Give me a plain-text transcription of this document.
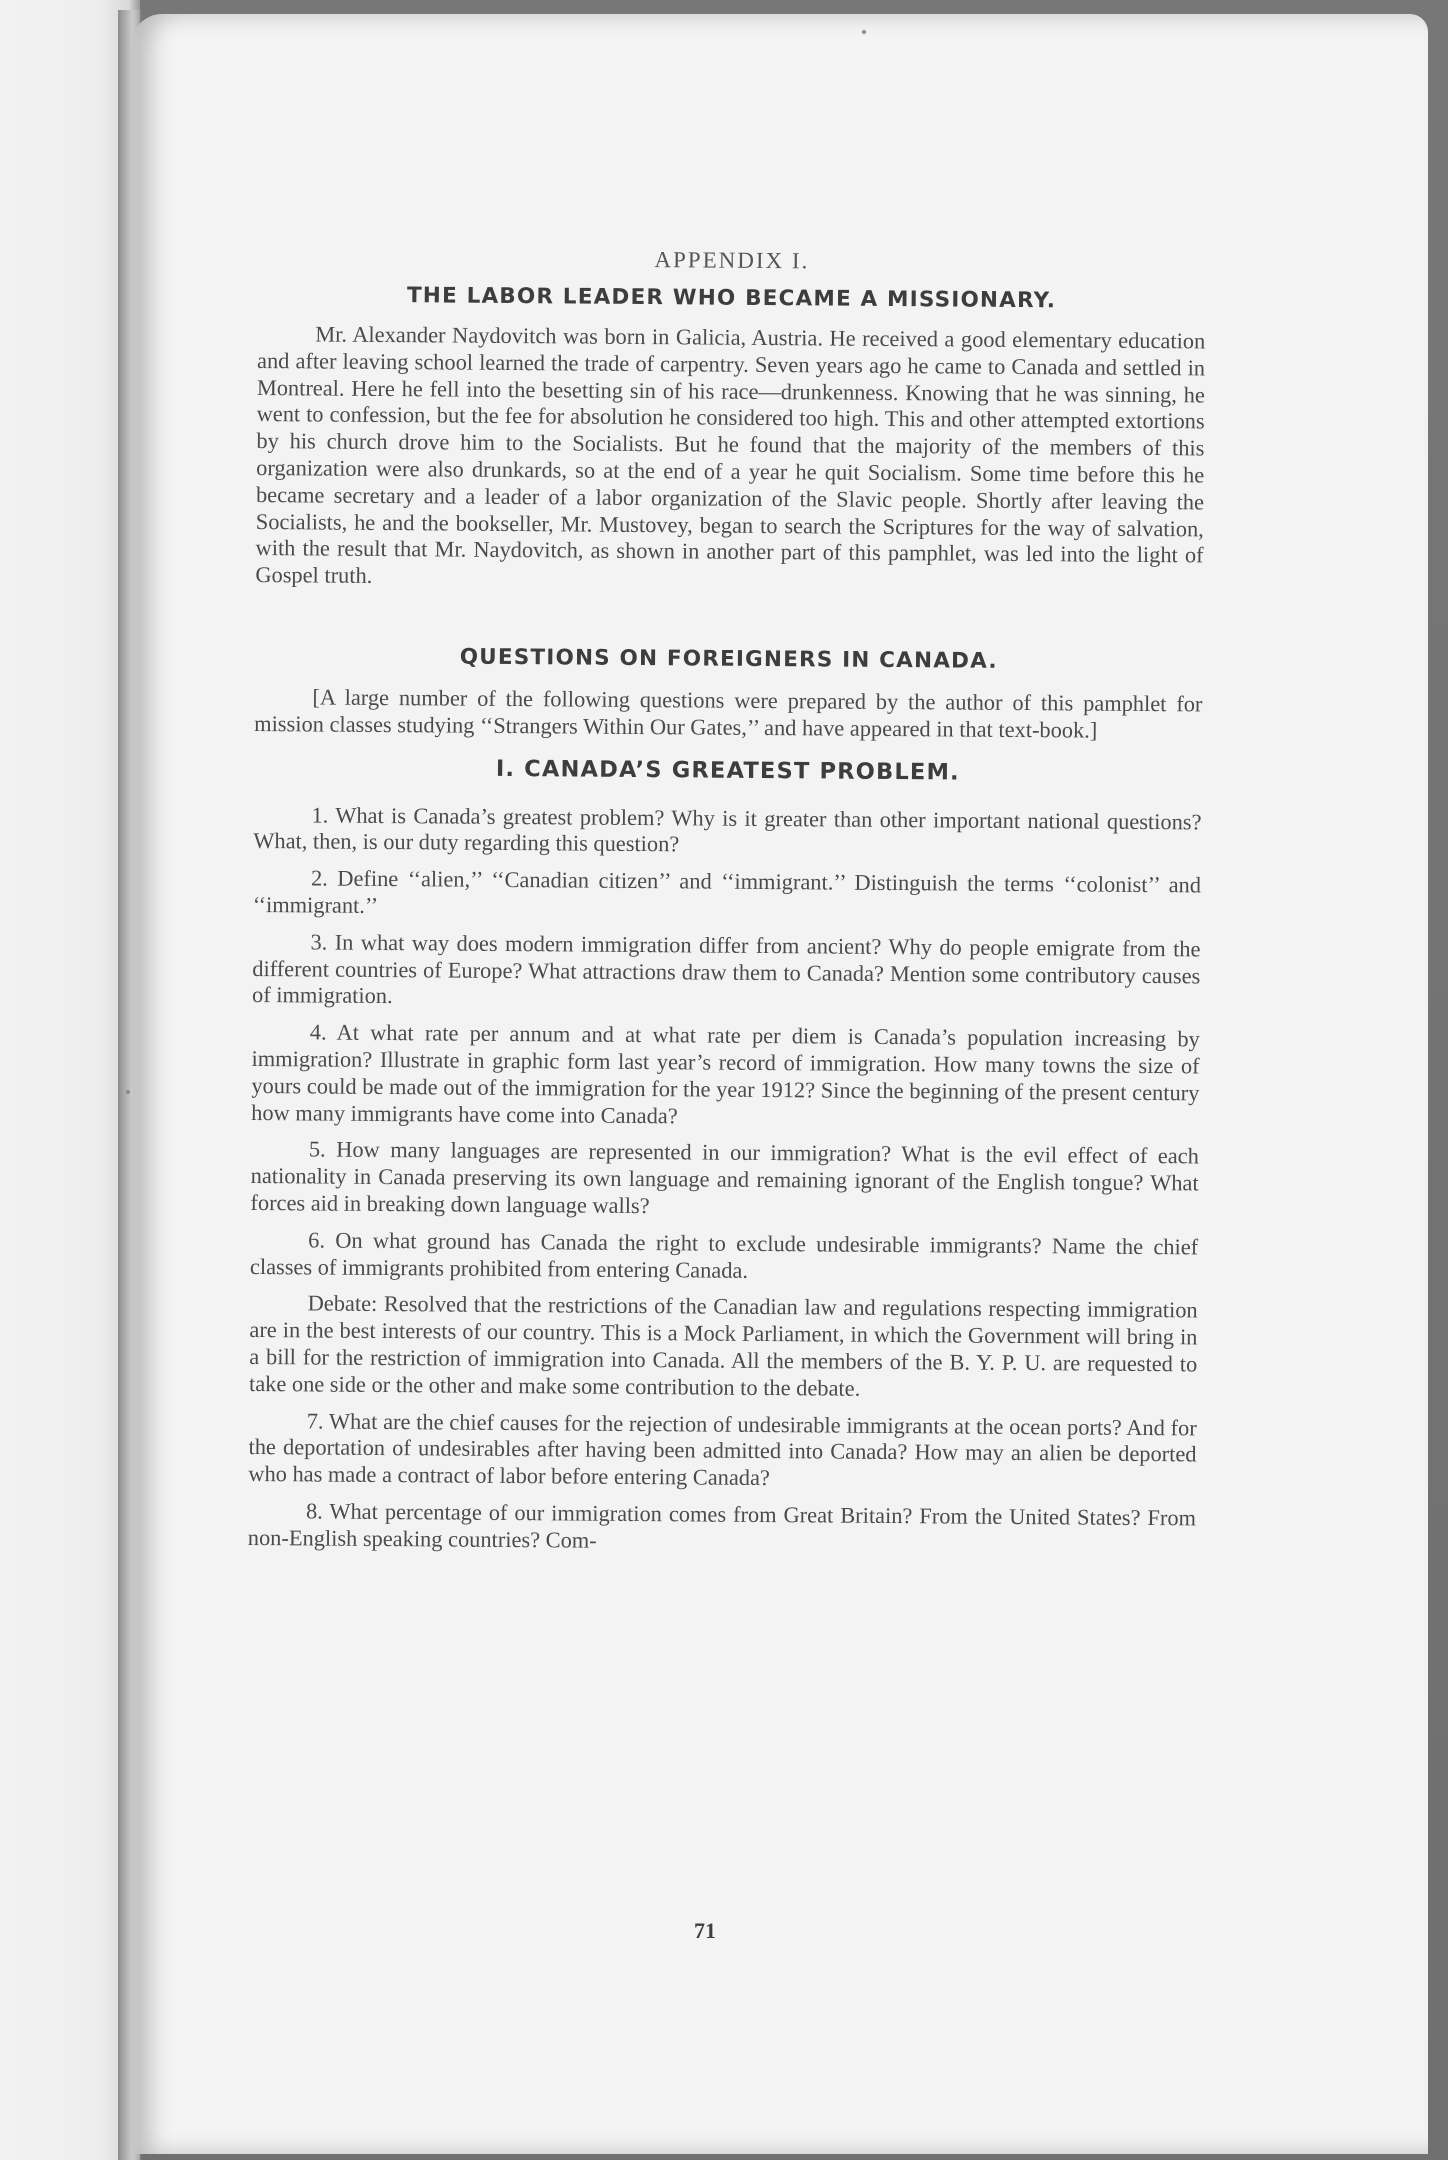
APPENDIX I.
THE LABOR LEADER WHO BECAME A MISSIONARY.

Mr. Alexander Naydovitch was born in Galicia, Austria. He received a good elementary education and after leaving school learned the trade of carpentry. Seven years ago he came to Canada and settled in Montreal. Here he fell into the besetting sin of his race—drunkenness. Knowing that he was sinning, he went to confession, but the fee for absolution he considered too high. This and other attempted extortions by his church drove him to the Socialists. But he found that the majority of the members of this organization were also drunkards, so at the end of a year he quit Socialism. Some time before this he became secretary and a leader of a labor organization of the Slavic people. Shortly after leaving the Socialists, he and the bookseller, Mr. Mustovey, began to search the Scriptures for the way of salvation, with the result that Mr. Naydovitch, as shown in another part of this pamphlet, was led into the light of Gospel truth.

QUESTIONS ON FOREIGNERS IN CANADA.

[A large number of the following questions were prepared by the author of this pamphlet for mission classes studying ‘‘Strangers Within Our Gates,’’ and have appeared in that text-book.]

I. CANADA’S GREATEST PROBLEM.

1. What is Canada’s greatest problem? Why is it greater than other important national questions? What, then, is our duty regarding this question?

2. Define ‘‘alien,’’ ‘‘Canadian citizen’’ and ‘‘immigrant.’’ Distinguish the terms ‘‘colonist’’ and ‘‘immigrant.’’

3. In what way does modern immigration differ from ancient? Why do people emigrate from the different countries of Europe? What attractions draw them to Canada? Mention some contributory causes of immigration.

4. At what rate per annum and at what rate per diem is Canada’s population increasing by immigration? Illustrate in graphic form last year’s record of immigration. How many towns the size of yours could be made out of the immigration for the year 1912? Since the beginning of the present century how many immigrants have come into Canada?

5. How many languages are represented in our immigration? What is the evil effect of each nationality in Canada preserving its own language and remaining ignorant of the English tongue? What forces aid in breaking down language walls?

6. On what ground has Canada the right to exclude undesirable immigrants? Name the chief classes of immigrants prohibited from entering Canada.

Debate: Resolved that the restrictions of the Canadian law and regulations respecting immigration are in the best interests of our country. This is a Mock Parliament, in which the Government will bring in a bill for the restriction of immigration into Canada. All the members of the B. Y. P. U. are requested to take one side or the other and make some contribution to the debate.

7. What are the chief causes for the rejection of undesirable immigrants at the ocean ports? And for the deportation of undesirables after having been admitted into Canada? How may an alien be deported who has made a contract of labor before entering Canada?

8. What percentage of our immigration comes from Great Britain? From the United States? From non-English speaking countries? Com-

71
